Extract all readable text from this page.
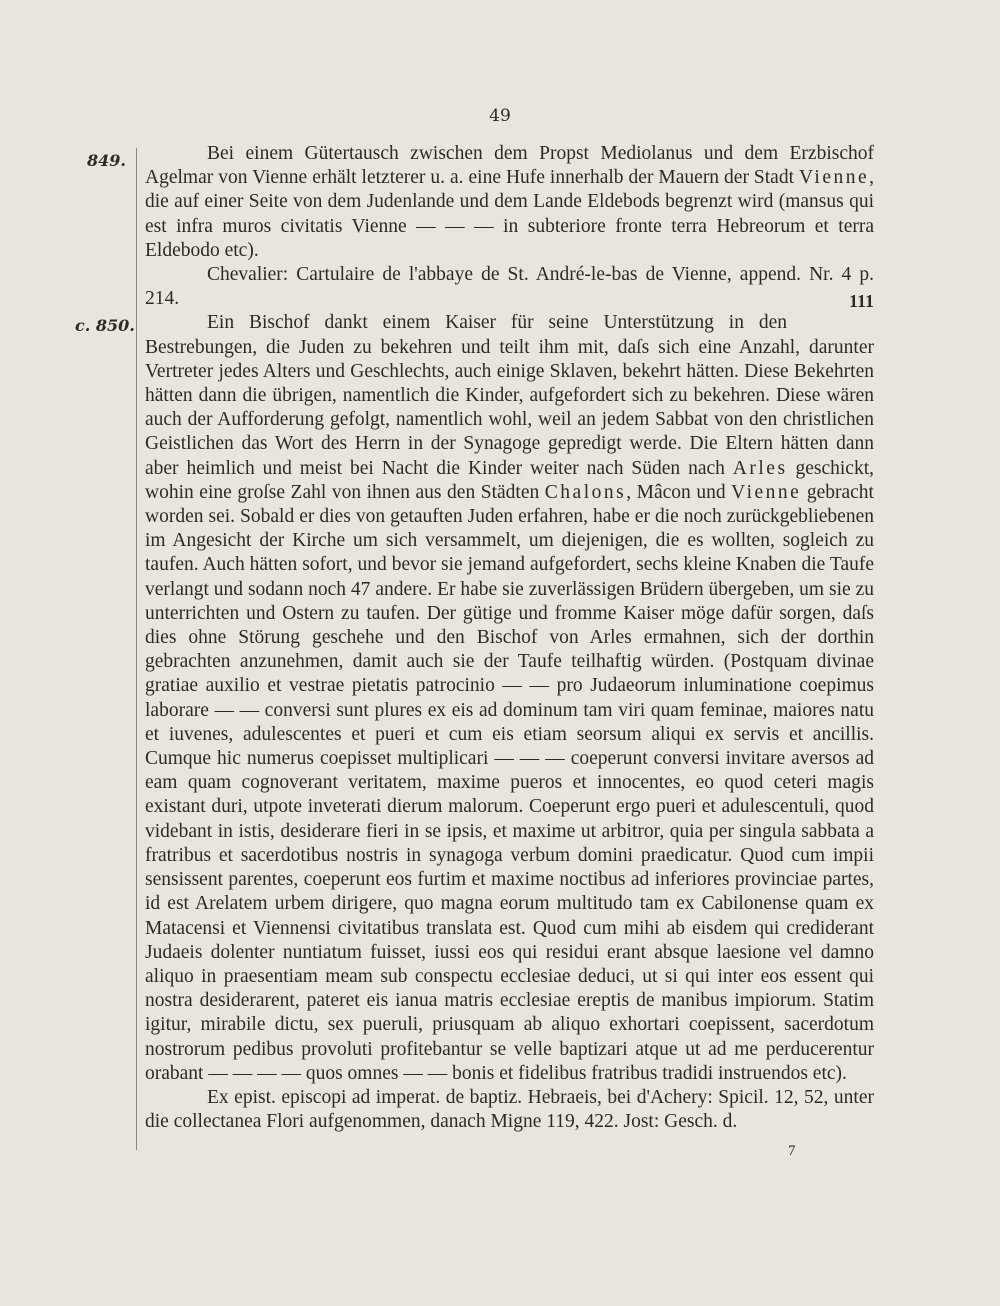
49
849.
c. 850.

Bei einem Gütertausch zwischen dem Propst Mediolanus und dem Erzbischof Agelmar von Vienne erhält letzterer u. a. eine Hufe innerhalb der Mauern der Stadt Vienne, die auf einer Seite von dem Judenlande und dem Lande Eldebods begrenzt wird (mansus qui est infra muros civitatis Vienne — — — in subteriore fronte terra Hebreorum et terra Eldebodo etc).

Chevalier: Cartulaire de l'abbaye de St. André-le-bas de Vienne, append. Nr. 4 p. 214.	111

Ein Bischof dankt einem Kaiser für seine Unterstützung in den Bestrebungen, die Juden zu bekehren und teilt ihm mit, daſs sich eine Anzahl, darunter Vertreter jedes Alters und Geschlechts, auch einige Sklaven, bekehrt hätten. Diese Bekehrten hätten dann die übrigen, namentlich die Kinder, aufgefordert sich zu bekehren. Diese wären auch der Aufforderung gefolgt, namentlich wohl, weil an jedem Sabbat von den christlichen Geistlichen das Wort des Herrn in der Synagoge gepredigt werde. Die Eltern hätten dann aber heimlich und meist bei Nacht die Kinder weiter nach Süden nach Arles geschickt, wohin eine groſse Zahl von ihnen aus den Städten Chalons, Mâcon und Vienne gebracht worden sei. Sobald er dies von getauften Juden erfahren, habe er die noch zurückgebliebenen im Angesicht der Kirche um sich versammelt, um diejenigen, die es wollten, sogleich zu taufen. Auch hätten sofort, und bevor sie jemand aufgefordert, sechs kleine Knaben die Taufe verlangt und sodann noch 47 andere. Er habe sie zuverlässigen Brüdern übergeben, um sie zu unterrichten und Ostern zu taufen. Der gütige und fromme Kaiser möge dafür sorgen, daſs dies ohne Störung geschehe und den Bischof von Arles ermahnen, sich der dorthin gebrachten anzunehmen, damit auch sie der Taufe teilhaftig würden. (Postquam divinae gratiae auxilio et vestrae pietatis patrocinio — — pro Judaeorum inluminatione coepimus laborare — — conversi sunt plures ex eis ad dominum tam viri quam feminae, maiores natu et iuvenes, adulescentes et pueri et cum eis etiam seorsum aliqui ex servis et ancillis. Cumque hic numerus coepisset multiplicari — — — coeperunt conversi invitare aversos ad eam quam cognoverant veritatem, maxime pueros et innocentes, eo quod ceteri magis existant duri, utpote inveterati dierum malorum. Coeperunt ergo pueri et adulescentuli, quod videbant in istis, desiderare fieri in se ipsis, et maxime ut arbitror, quia per singula sabbata a fratribus et sacerdotibus nostris in synagoga verbum domini praedicatur. Quod cum impii sensissent parentes, coeperunt eos furtim et maxime noctibus ad inferiores provinciae partes, id est Arelatem urbem dirigere, quo magna eorum multitudo tam ex Cabilonense quam ex Matacensi et Viennensi civitatibus translata est. Quod cum mihi ab eisdem qui crediderant Judaeis dolenter nuntiatum fuisset, iussi eos qui residui erant absque laesione vel damno aliquo in praesentiam meam sub conspectu ecclesiae deduci, ut si qui inter eos essent qui nostra desiderarent, pateret eis ianua matris ecclesiae ereptis de manibus impiorum. Statim igitur, mirabile dictu, sex pueruli, priusquam ab aliquo exhortari coepissent, sacerdotum nostrorum pedibus provoluti profitebantur se velle baptizari atque ut ad me perducerentur orabant — — — — quos omnes — — bonis et fidelibus fratribus tradidi instruendos etc).

Ex epist. episcopi ad imperat. de baptiz. Hebraeis, bei d'Achery: Spicil. 12, 52, unter die collectanea Flori aufgenommen, danach Migne 119, 422. Jost: Gesch. d.

7
